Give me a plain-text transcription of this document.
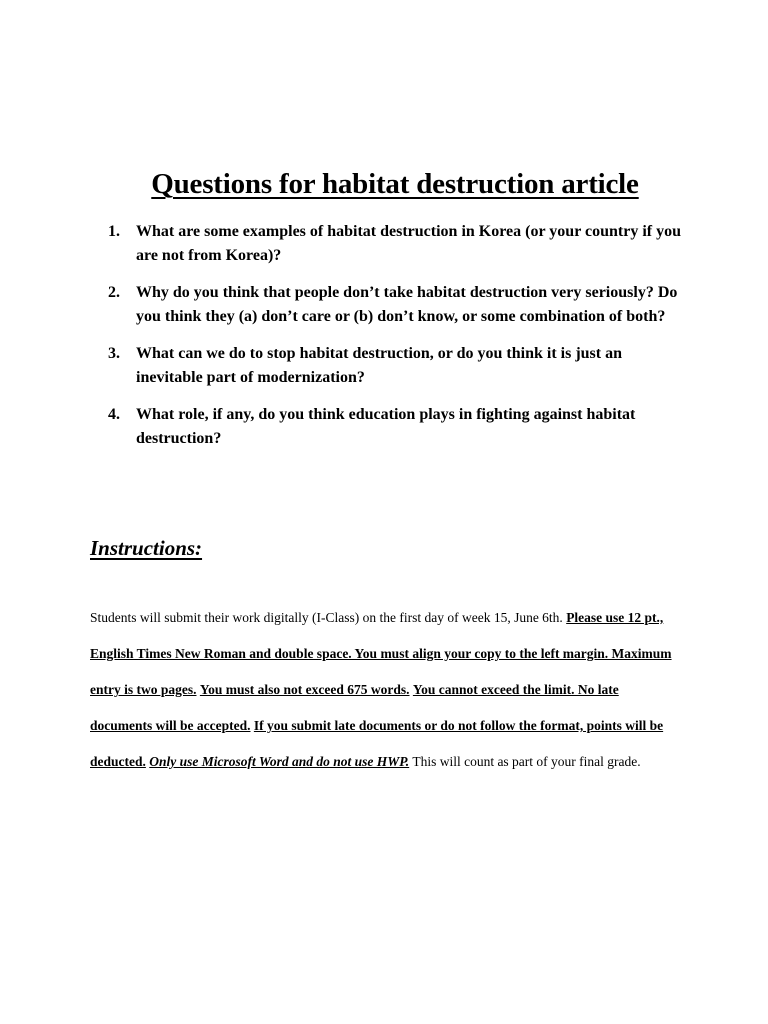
Questions for habitat destruction article
1.	What are some examples of habitat destruction in Korea (or your country if you are not from Korea)?
2.	Why do you think that people don’t take habitat destruction very seriously? Do you think they (a) don’t care or (b) don’t know, or some combination of both?
3.	What can we do to stop habitat destruction, or do you think it is just an inevitable part of modernization?
4.	What role, if any, do you think education plays in fighting against habitat destruction?
Instructions:

Students will submit their work digitally (I-Class) on the first day of week 15, June 6th. Please use 12 pt., English Times New Roman and double space. You must align your copy to the left margin. Maximum entry is two pages. You must also not exceed 675 words. You cannot exceed the limit. No late documents will be accepted. If you submit late documents or do not follow the format, points will be deducted. Only use Microsoft Word and do not use HWP. This will count as part of your final grade.
